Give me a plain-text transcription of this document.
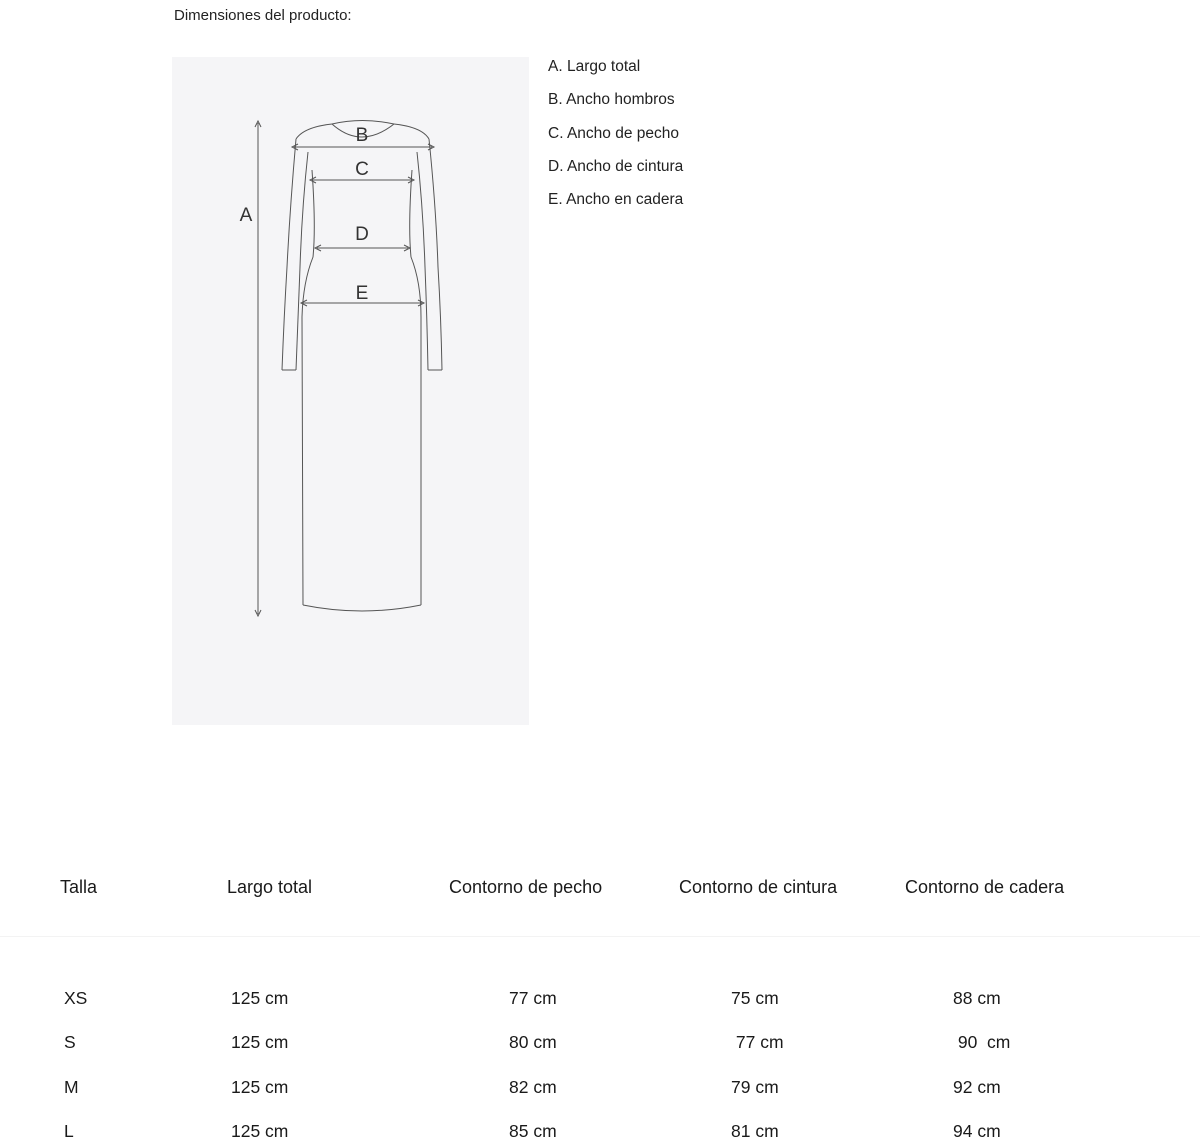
Dimensiones del producto:
A
B
C
D
E
A. Largo total
B. Ancho hombros
C. Ancho de pecho
D. Ancho de cintura
E. Ancho en cadera
Talla	Largo total	Contorno de pecho	Contorno de cintura	Contorno de cadera
XS	125 cm	77 cm	75 cm	88 cm
S	125 cm	80 cm	77 cm	90  cm
M	125 cm	82 cm	79 cm	92 cm
L	125 cm	85 cm	81 cm	94 cm
